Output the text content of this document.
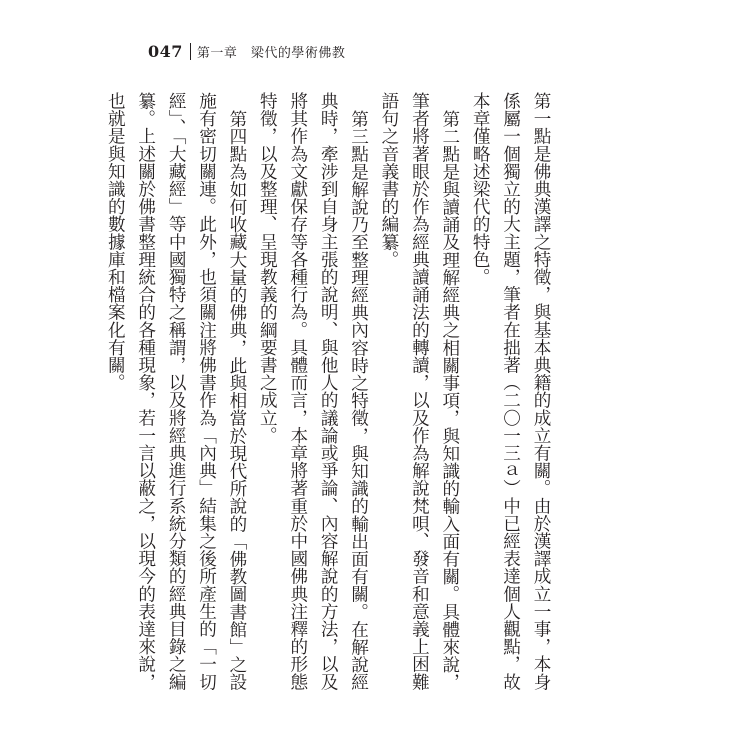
047 第一章　梁代的學術佛教

第一點是佛典漢譯之特徵，與基本典籍的成立有關。由於漢譯成立一事，本身係屬一個獨立的大主題，筆者在拙著（二〇一三ａ）中已經表達個人觀點，故本章僅略述梁代的特色。

第二點是與讀誦及理解經典之相關事項，與知識的輸入面有關。具體來說，筆者將著眼於作為經典讀誦法的轉讀，以及作為解說梵唄、發音和意義上困難語句之音義書的編纂。

第三點是解說乃至整理經典內容時之特徵，與知識的輸出面有關。在解說經典時，牽涉到自身主張的說明、與他人的議論或爭論、內容解說的方法，以及將其作為文獻保存等各種行為。具體而言，本章將著重於中國佛典注釋的形態特徵，以及整理、呈現教義的綱要書之成立。

第四點為如何收藏大量的佛典，此與相當於現代所說的「佛教圖書館」之設施有密切關連。此外，也須關注將佛書作為「內典」結集之後所產生的「一切經」、「大藏經」等中國獨特之稱謂，以及將經典進行系統分類的經典目錄之編纂。上述關於佛書整理統合的各種現象，若一言以蔽之，以現今的表達來說，也就是與知識的數據庫和檔案化有關。
